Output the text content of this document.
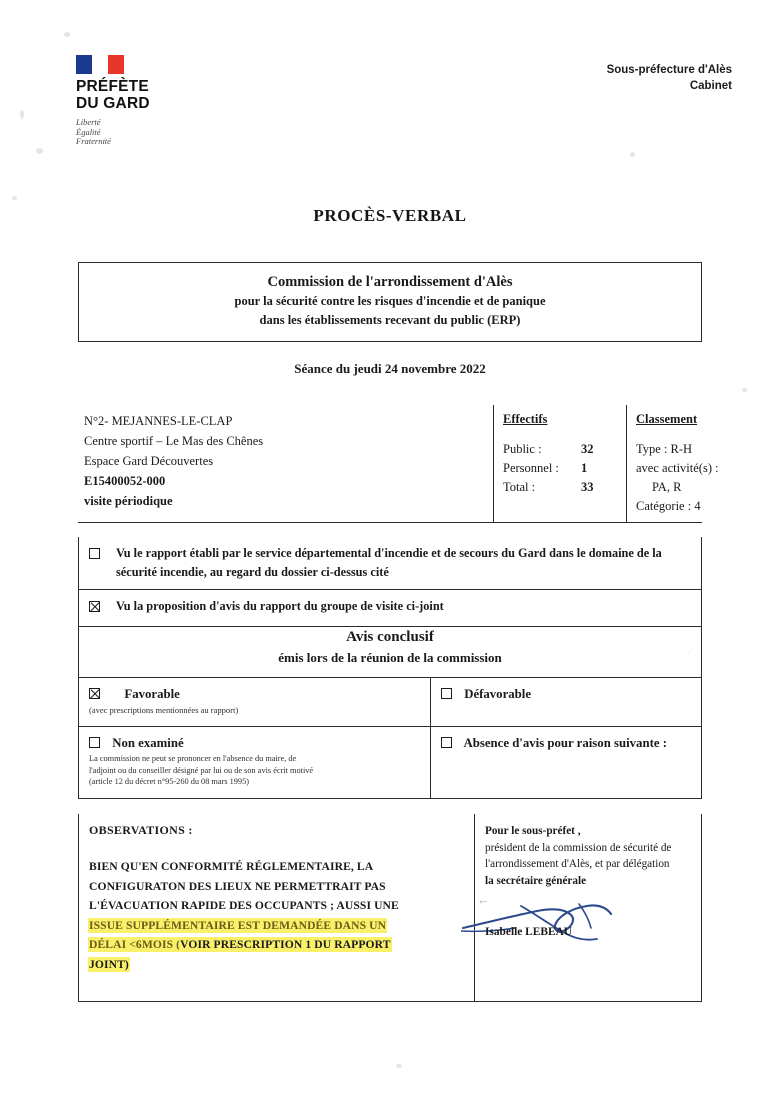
PRÉFÈTE
DU GARD
Liberté
Égalité
Fraternité
Sous-préfecture d'Alès
Cabinet
PROCÈS-VERBAL
Commission de l'arrondissement d'Alès
pour la sécurité contre les risques d'incendie et de panique
dans les établissements recevant du public (ERP)
Séance du jeudi 24 novembre 2022
N°2- MEJANNES-LE-CLAP
Centre sportif – Le Mas des Chênes
Espace Gard Découvertes
E15400052-000
visite périodique
Effectifs
Public :	32
Personnel : 1
Total :	33
Classement
Type : R-H
avec activité(s) :
PA, R
Catégorie : 4
Vu le rapport établi par le service départemental d'incendie et de secours du Gard dans le domaine de la sécurité incendie, au regard du dossier ci-dessus cité
Vu la proposition d'avis du rapport du groupe de visite ci-joint
Avis conclusif
émis lors de la réunion de la commission
Favorable
(avec prescriptions mentionnées au rapport)
Défavorable
Non examiné
La commission ne peut se prononcer en l'absence du maire, de
l'adjoint ou du conseiller désigné par lui ou de son avis écrit motivé
(article 12 du décret n°95-260 du 08 mars 1995)
Absence d'avis pour raison suivante :
OBSERVATIONS :
BIEN QU'EN CONFORMITÉ RÉGLEMENTAIRE, LA
CONFIGURATON DES LIEUX NE PERMETTRAIT PAS
L'ÉVACUATION RAPIDE DES OCCUPANTS ; AUSSI UNE
ISSUE SUPPLÉMENTAIRE EST DEMANDÉE DANS UN
DÉLAI <6MOIS (VOIR PRESCRIPTION 1 DU RAPPORT
JOINT)
←
Pour le sous-préfet ,
président de la commission de sécurité de
l'arrondissement d'Alès, et par délégation
la secrétaire générale
Isabelle LEBEAU
∕
∕
